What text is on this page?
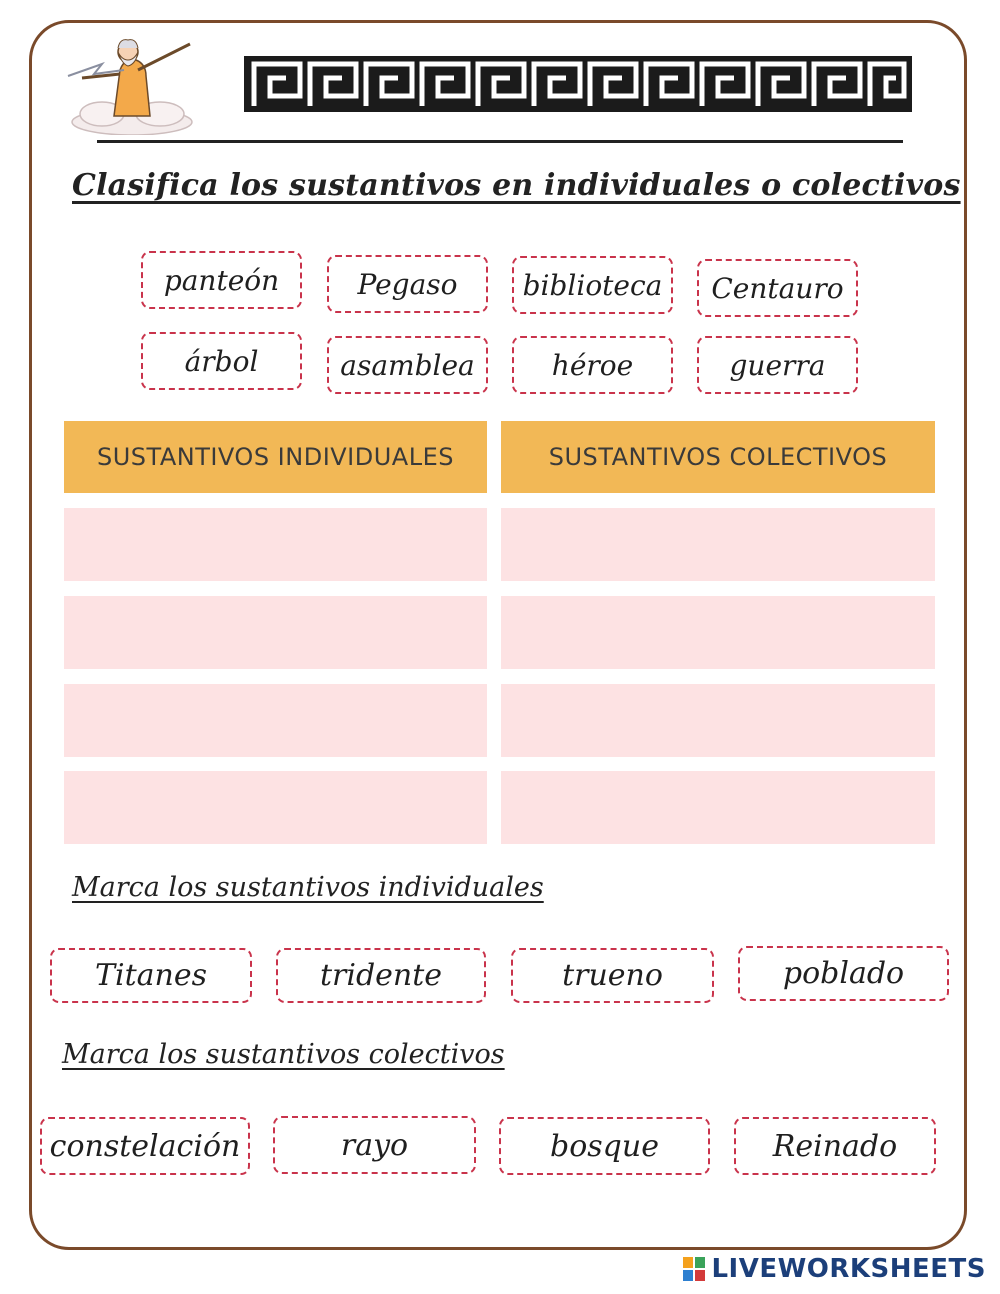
Clasifica los sustantivos en individuales o colectivos
panteón	Pegaso	biblioteca	Centauro
árbol	asamblea	héroe	guerra
SUSTANTIVOS INDIVIDUALES	SUSTANTIVOS COLECTIVOS
Marca los sustantivos individuales
Titanes	tridente	trueno	poblado
Marca los sustantivos colectivos
constelación	rayo	bosque	Reinado
LIVEWORKSHEETS
